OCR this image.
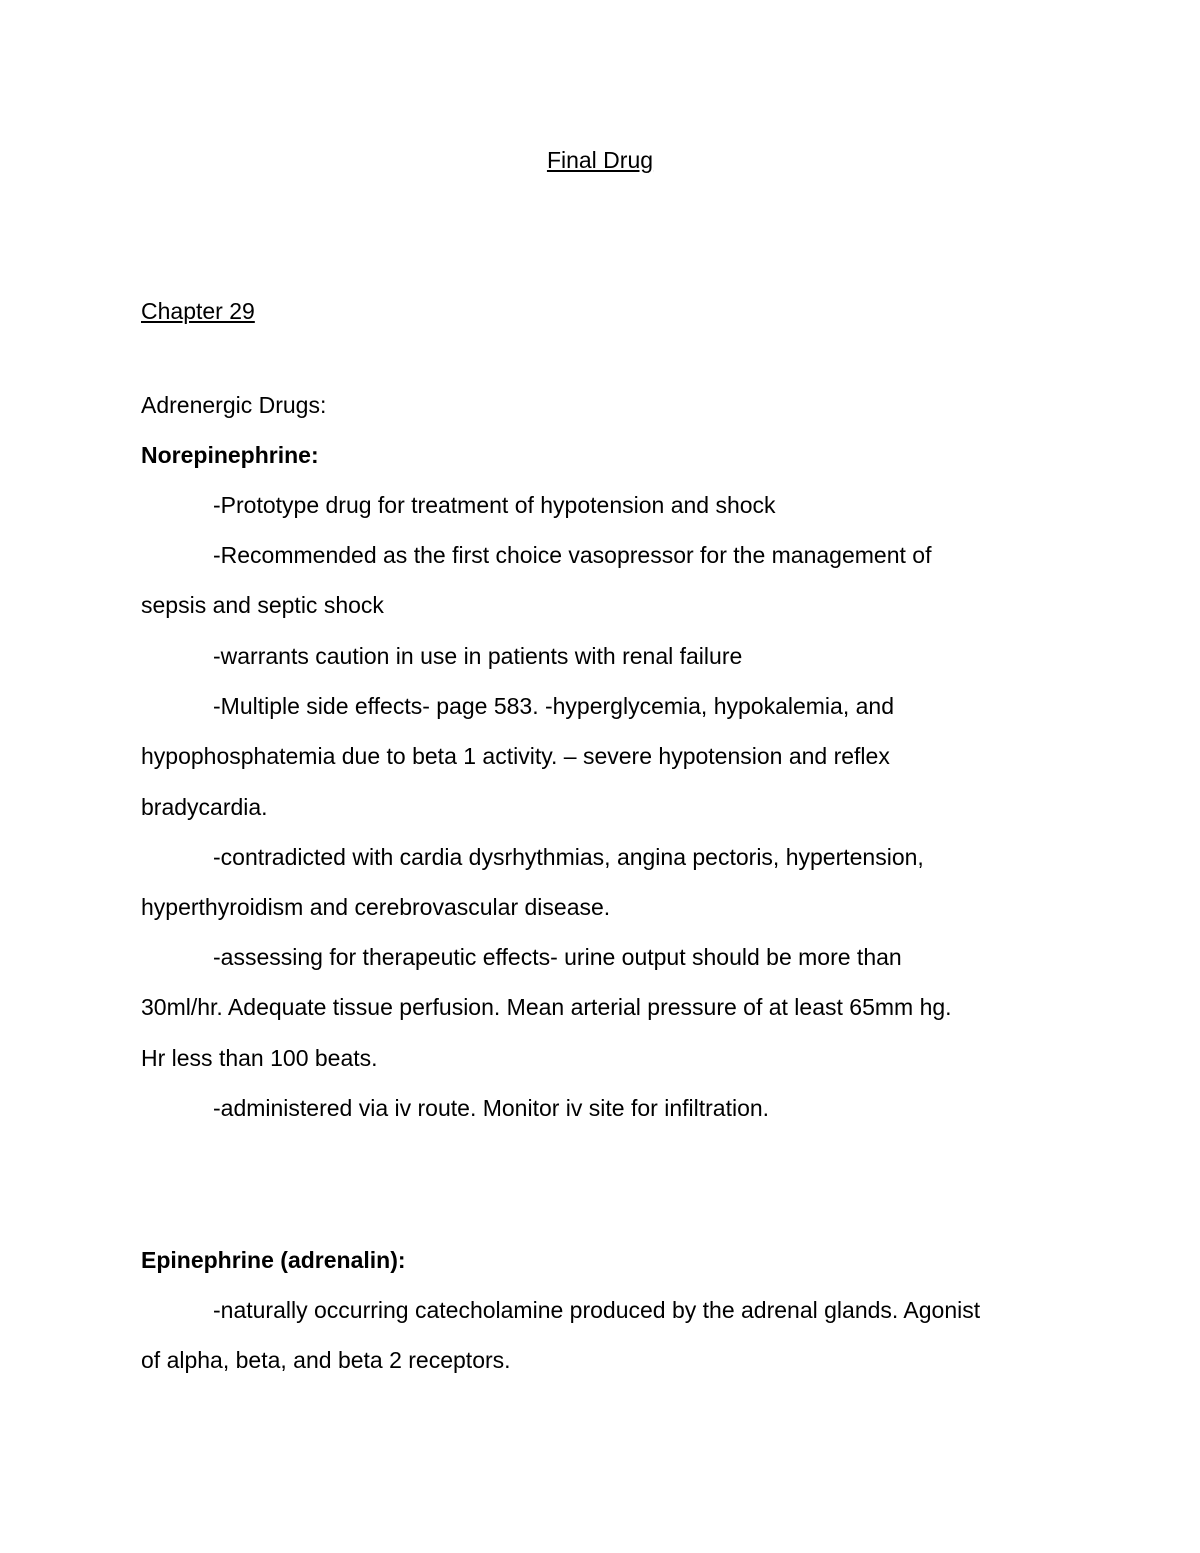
Final Drug
Chapter 29
Adrenergic Drugs:
Norepinephrine:
-Prototype drug for treatment of hypotension and shock
-Recommended as the first choice vasopressor for the management of
sepsis and septic shock
-warrants caution in use in patients with renal failure
-Multiple side effects- page 583. -hyperglycemia, hypokalemia, and
hypophosphatemia due to beta 1 activity. – severe hypotension and reflex
bradycardia.
-contradicted with cardia dysrhythmias, angina pectoris, hypertension,
hyperthyroidism and cerebrovascular disease.
-assessing for therapeutic effects- urine output should be more than
30ml/hr. Adequate tissue perfusion. Mean arterial pressure of at least 65mm hg.
Hr less than 100 beats.
-administered via iv route. Monitor iv site for infiltration.
Epinephrine (adrenalin):
-naturally occurring catecholamine produced by the adrenal glands. Agonist
of alpha, beta, and beta 2 receptors.
